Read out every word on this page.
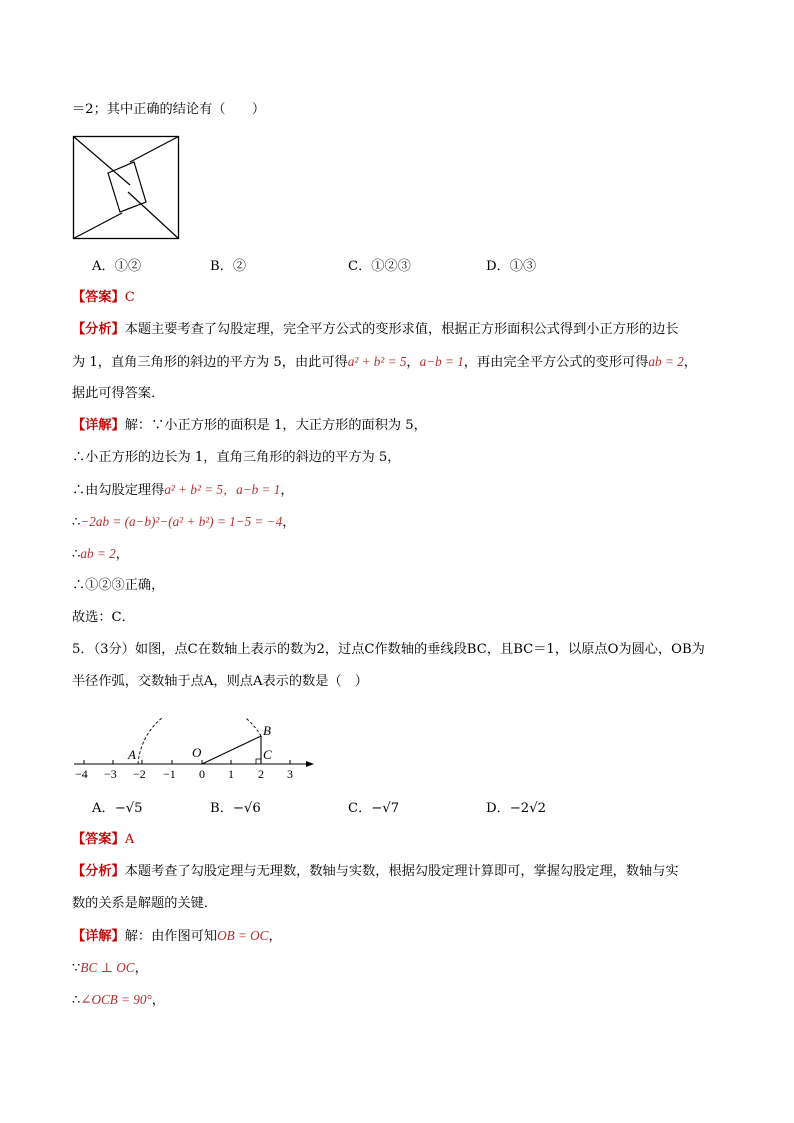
＝2；其中正确的结论有（　　）
A．①②	B．②	C．①②③	D．①③
【答案】C
【分析】本题主要考查了勾股定理，完全平方公式的变形求值，根据正方形面积公式得到小正方形的边长
为 1，直角三角形的斜边的平方为 5，由此可得a² + b² = 5，a−b = 1，再由完全平方公式的变形可得ab = 2，
据此可得答案．
【详解】解：∵小正方形的面积是 1，大正方形的面积为 5，
∴小正方形的边长为 1，直角三角形的斜边的平方为 5，
∴由勾股定理得a² + b² = 5，a−b = 1，
∴−2ab = (a−b)²−(a² + b²) = 1−5 = −4，
∴ab = 2，
∴①②③正确，
故选：C．
5．（3分）如图，点C在数轴上表示的数为2，过点C作数轴的垂线段BC，且BC＝1，以原点O为圆心，OB为
半径作弧，交数轴于点A，则点A表示的数是（　）
A	O
B
C
−4 −3 −2 −1 0 1 2 3
A．−√5	B．−√6	C．−√7	D．−2√2
【答案】A
【分析】本题考查了勾股定理与无理数，数轴与实数，根据勾股定理计算即可，掌握勾股定理，数轴与实
数的关系是解题的关键．
【详解】解：由作图可知OB = OC，
∵BC ⊥ OC，
∴∠OCB = 90°，
